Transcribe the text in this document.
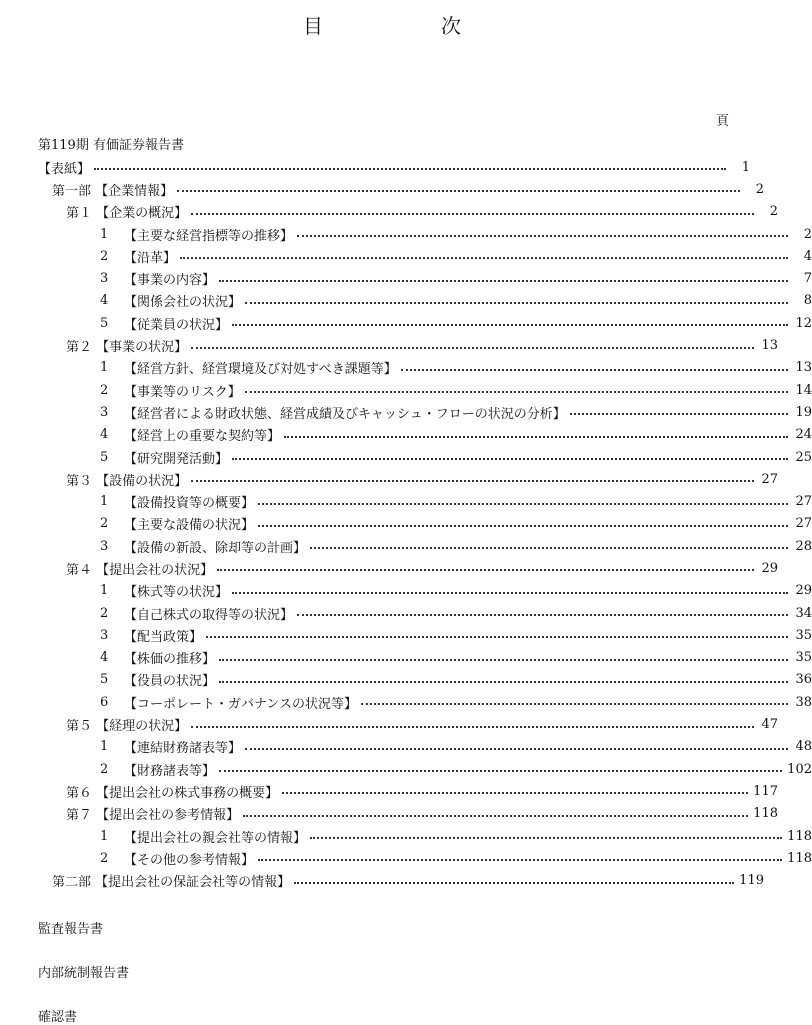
目	次
頁
第119期 有価証券報告書
【表紙】	1
第一部 【企業情報】	2
第１ 【企業の概況】	2
1	【主要な経営指標等の推移】	2
2	【沿革】	4
3	【事業の内容】	7
4	【関係会社の状況】	8
5	【従業員の状況】	12
第２ 【事業の状況】	13
1	【経営方針、経営環境及び対処すべき課題等】	13
2	【事業等のリスク】	14
3	【経営者による財政状態、経営成績及びキャッシュ・フローの状況の分析】	19
4	【経営上の重要な契約等】	24
5	【研究開発活動】	25
第３ 【設備の状況】	27
1	【設備投資等の概要】	27
2	【主要な設備の状況】	27
3	【設備の新設、除却等の計画】	28
第４ 【提出会社の状況】	29
1	【株式等の状況】	29
2	【自己株式の取得等の状況】	34
3	【配当政策】	35
4	【株価の推移】	35
5	【役員の状況】	36
6	【コーポレート・ガバナンスの状況等】	38
第５ 【経理の状況】	47
1	【連結財務諸表等】	48
2	【財務諸表等】	102
第６ 【提出会社の株式事務の概要】	117
第７ 【提出会社の参考情報】	118
1	【提出会社の親会社等の情報】	118
2	【その他の参考情報】	118
第二部 【提出会社の保証会社等の情報】	119
監査報告書
内部統制報告書
確認書
